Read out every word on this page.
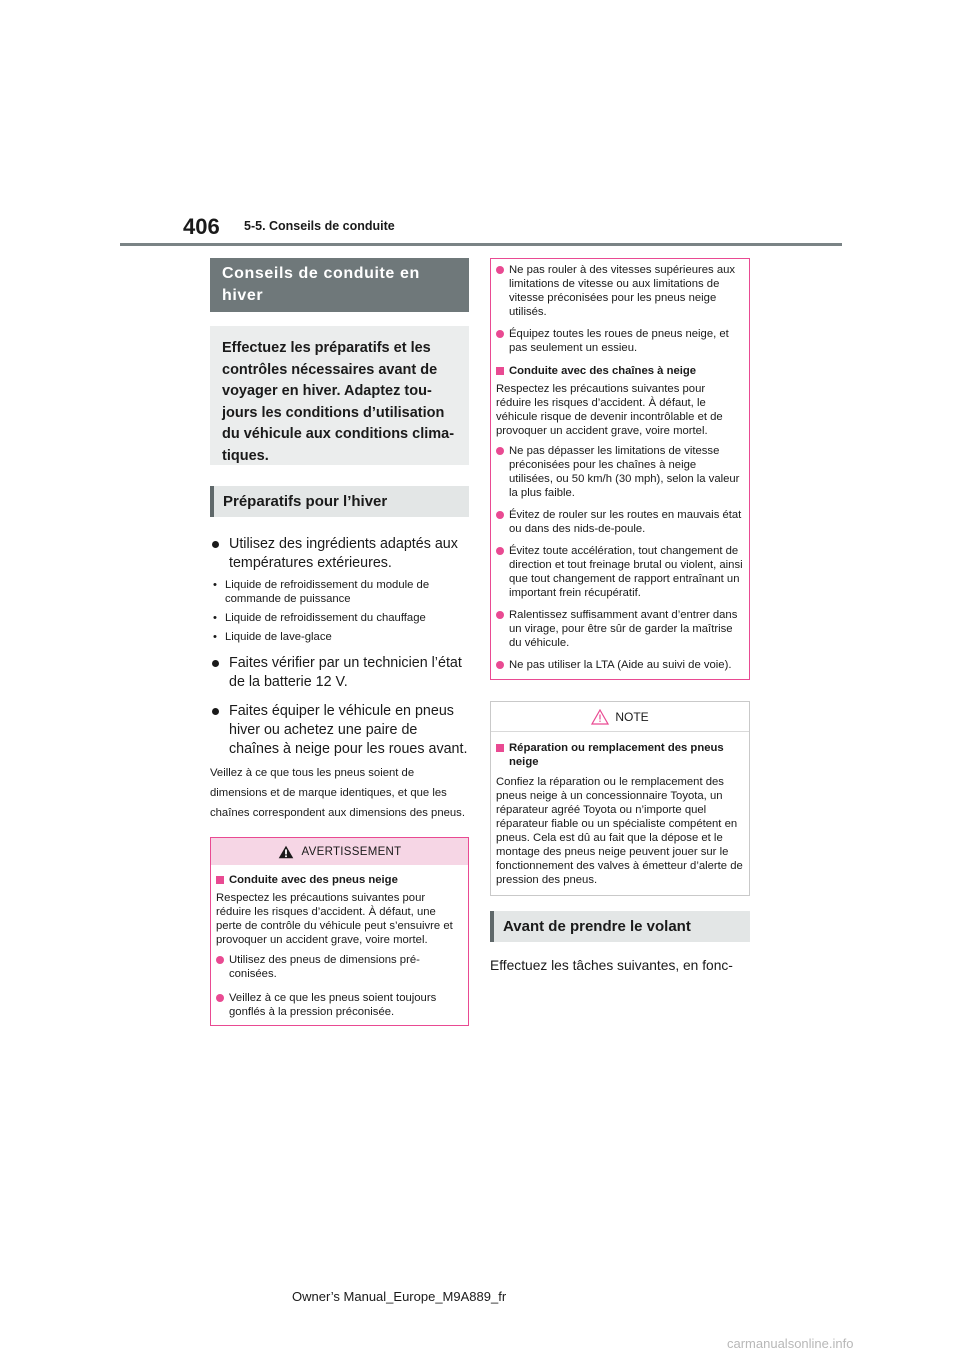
406 5-5. Conseils de conduite
Conseils de conduite en hiver
Effectuez les préparatifs et les contrôles nécessaires avant de voyager en hiver. Adaptez toujours les conditions d’utilisation du véhicule aux conditions climatiques.
Préparatifs pour l’hiver
Utilisez des ingrédients adaptés aux températures extérieures.
• Liquide de refroidissement du module de commande de puissance
• Liquide de refroidissement du chauffage
• Liquide de lave-glace
Faites vérifier par un technicien l’état de la batterie 12 V.
Faites équiper le véhicule en pneus hiver ou achetez une paire de chaînes à neige pour les roues avant.
Veillez à ce que tous les pneus soient de dimensions et de marque identiques, et que les chaînes correspondent aux dimensions des pneus.
AVERTISSEMENT
Conduite avec des pneus neige
Respectez les précautions suivantes pour réduire les risques d’accident. À défaut, une perte de contrôle du véhicule peut s’ensuivre et provoquer un accident grave, voire mortel.
Utilisez des pneus de dimensions préconisées.
Veillez à ce que les pneus soient toujours gonflés à la pression préconisée.
Ne pas rouler à des vitesses supérieures aux limitations de vitesse ou aux limitations de vitesse préconisées pour les pneus neige utilisés.
Équipez toutes les roues de pneus neige, et pas seulement un essieu.
Conduite avec des chaînes à neige
Respectez les précautions suivantes pour réduire les risques d’accident. À défaut, le véhicule risque de devenir incontrôlable et de provoquer un accident grave, voire mortel.
Ne pas dépasser les limitations de vitesse préconisées pour les chaînes à neige utilisées, ou 50 km/h (30 mph), selon la valeur la plus faible.
Évitez de rouler sur les routes en mauvais état ou dans des nids-de-poule.
Évitez toute accélération, tout changement de direction et tout freinage brutal ou violent, ainsi que tout changement de rapport entraînant un important frein récupératif.
Ralentissez suffisamment avant d’entrer dans un virage, pour être sûr de garder la maîtrise du véhicule.
Ne pas utiliser la LTA (Aide au suivi de voie).
NOTE
Réparation ou remplacement des pneus neige
Confiez la réparation ou le remplacement des pneus neige à un concessionnaire Toyota, un réparateur agréé Toyota ou n’importe quel réparateur fiable ou un spécialiste compétent en pneus. Cela est dû au fait que la dépose et le montage des pneus neige peuvent jouer sur le fonctionnement des valves à émetteur d’alerte de pression des pneus.
Avant de prendre le volant
Effectuez les tâches suivantes, en fonc-
Owner’s Manual_Europe_M9A889_fr
carmanualsonline.info
